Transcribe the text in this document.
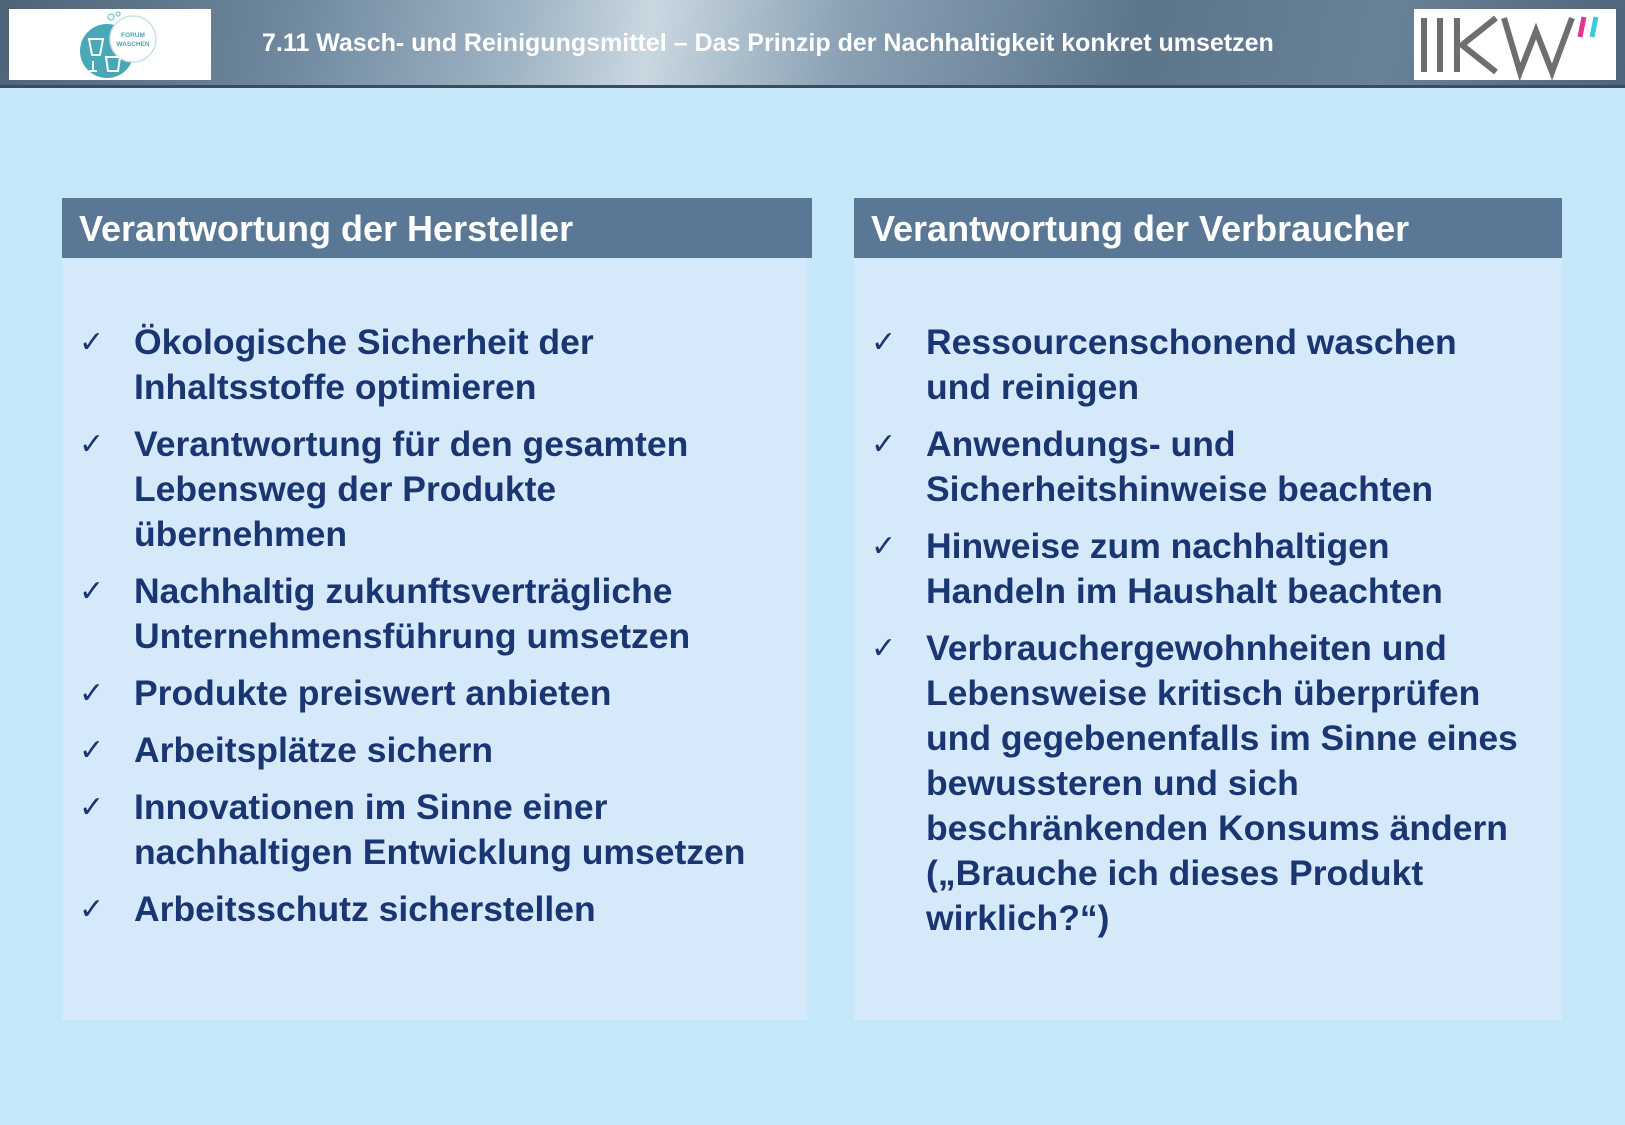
FORUM
WASCHEN	7.11 Wasch- und Reinigungsmittel – Das Prinzip der Nachhaltigkeit konkret umsetzen
Verantwortung der Hersteller
✓ Ökologische Sicherheit der
Inhaltsstoffe optimieren
✓ Verantwortung für den gesamten
Lebensweg der Produkte
übernehmen
✓ Nachhaltig zukunftsverträgliche
Unternehmensführung umsetzen
✓ Produkte preiswert anbieten
✓ Arbeitsplätze sichern
✓ Innovationen im Sinne einer
nachhaltigen Entwicklung umsetzen
✓ Arbeitsschutz sicherstellen
Verantwortung der Verbraucher
✓ Ressourcenschonend waschen
und reinigen
✓ Anwendungs- und
Sicherheitshinweise beachten
✓ Hinweise zum nachhaltigen
Handeln im Haushalt beachten
✓ Verbrauchergewohnheiten und
Lebensweise kritisch überprüfen
und gegebenenfalls im Sinne eines
bewussteren und sich
beschränkenden Konsums ändern
(„Brauche ich dieses Produkt
wirklich?“)
